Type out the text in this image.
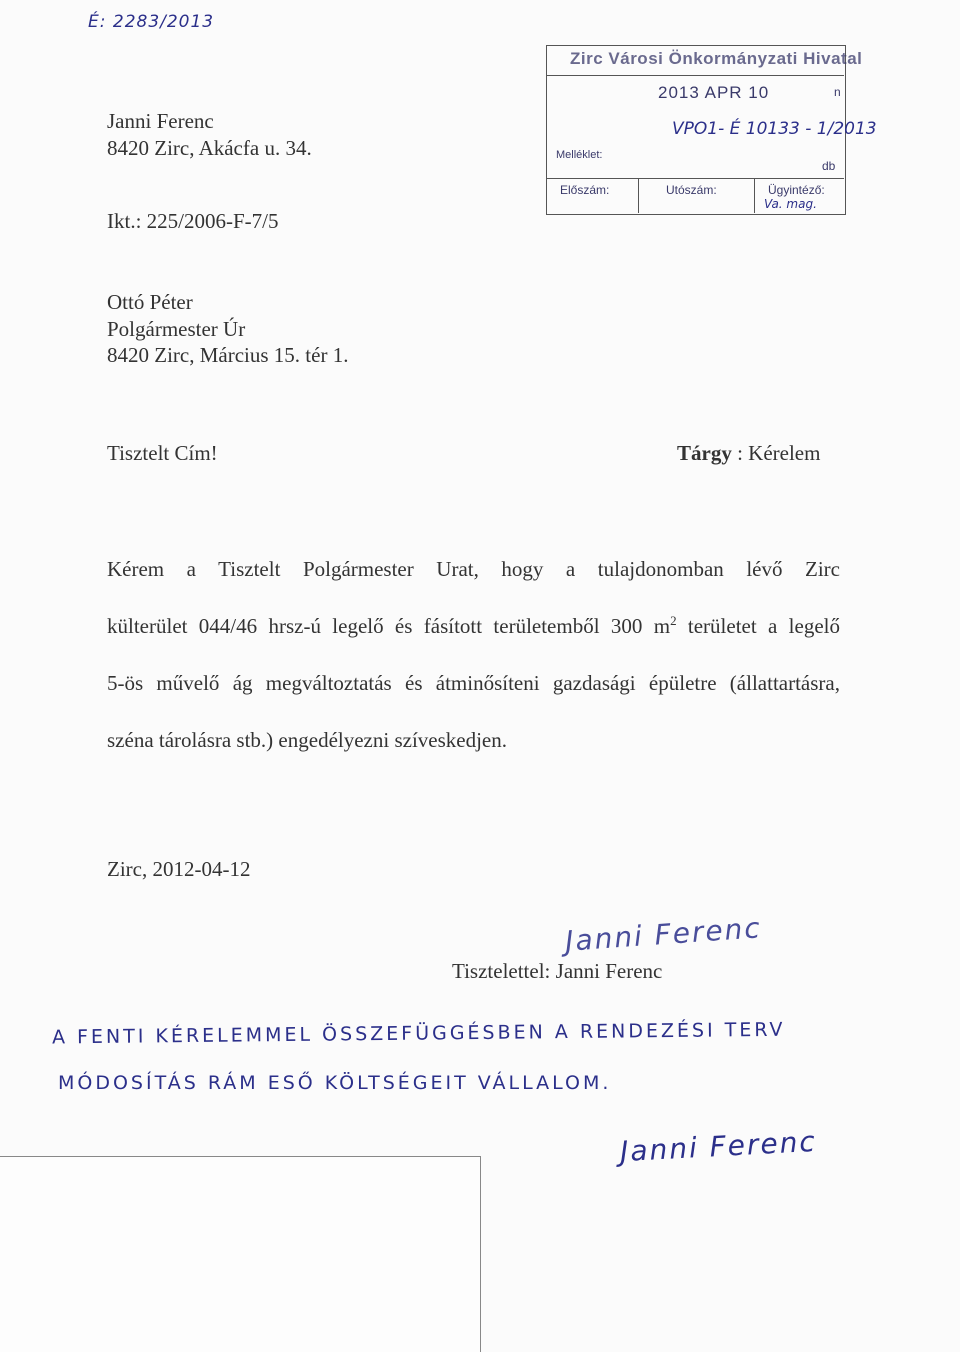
É: 2283/2013
Janni Ferenc
8420 Zirc, Akácfa u. 34.
Ikt.: 225/2006-F-7/5
Ottó Péter
Polgármester Úr
8420 Zirc, Március 15. tér 1.
Zirc Városi Önkormányzati Hivatal
2013 APR 10	n
VPO1- É 10133 - 1/2013
Melléklet:
db
Előszám:	Utószám:	Ügyintéző:
Va. mag.
Tisztelt Cím!	Tárgy : Kérelem

Kérem a Tisztelt Polgármester Urat, hogy a tulajdonomban lévő Zirc

külterület 044/46 hrsz-ú legelő és fásított területemből 300 $m^2$ területet a legelő

5-ös művelő ág megváltoztatás és átminősíteni gazdasági épületre (állattartásra,

széna tárolásra stb.) engedélyezni szíveskedjen.

Zirc, 2012-04-12
Janni Ferenc
Tisztelettel: Janni Ferenc
A FENTI KÉRELEMMEL ÖSSZEFÜGGÉSBEN A RENDEZÉSI TERV
MÓDOSÍTÁS RÁM ESŐ KÖLTSÉGEIT VÁLLALOM.
Janni Ferenc
